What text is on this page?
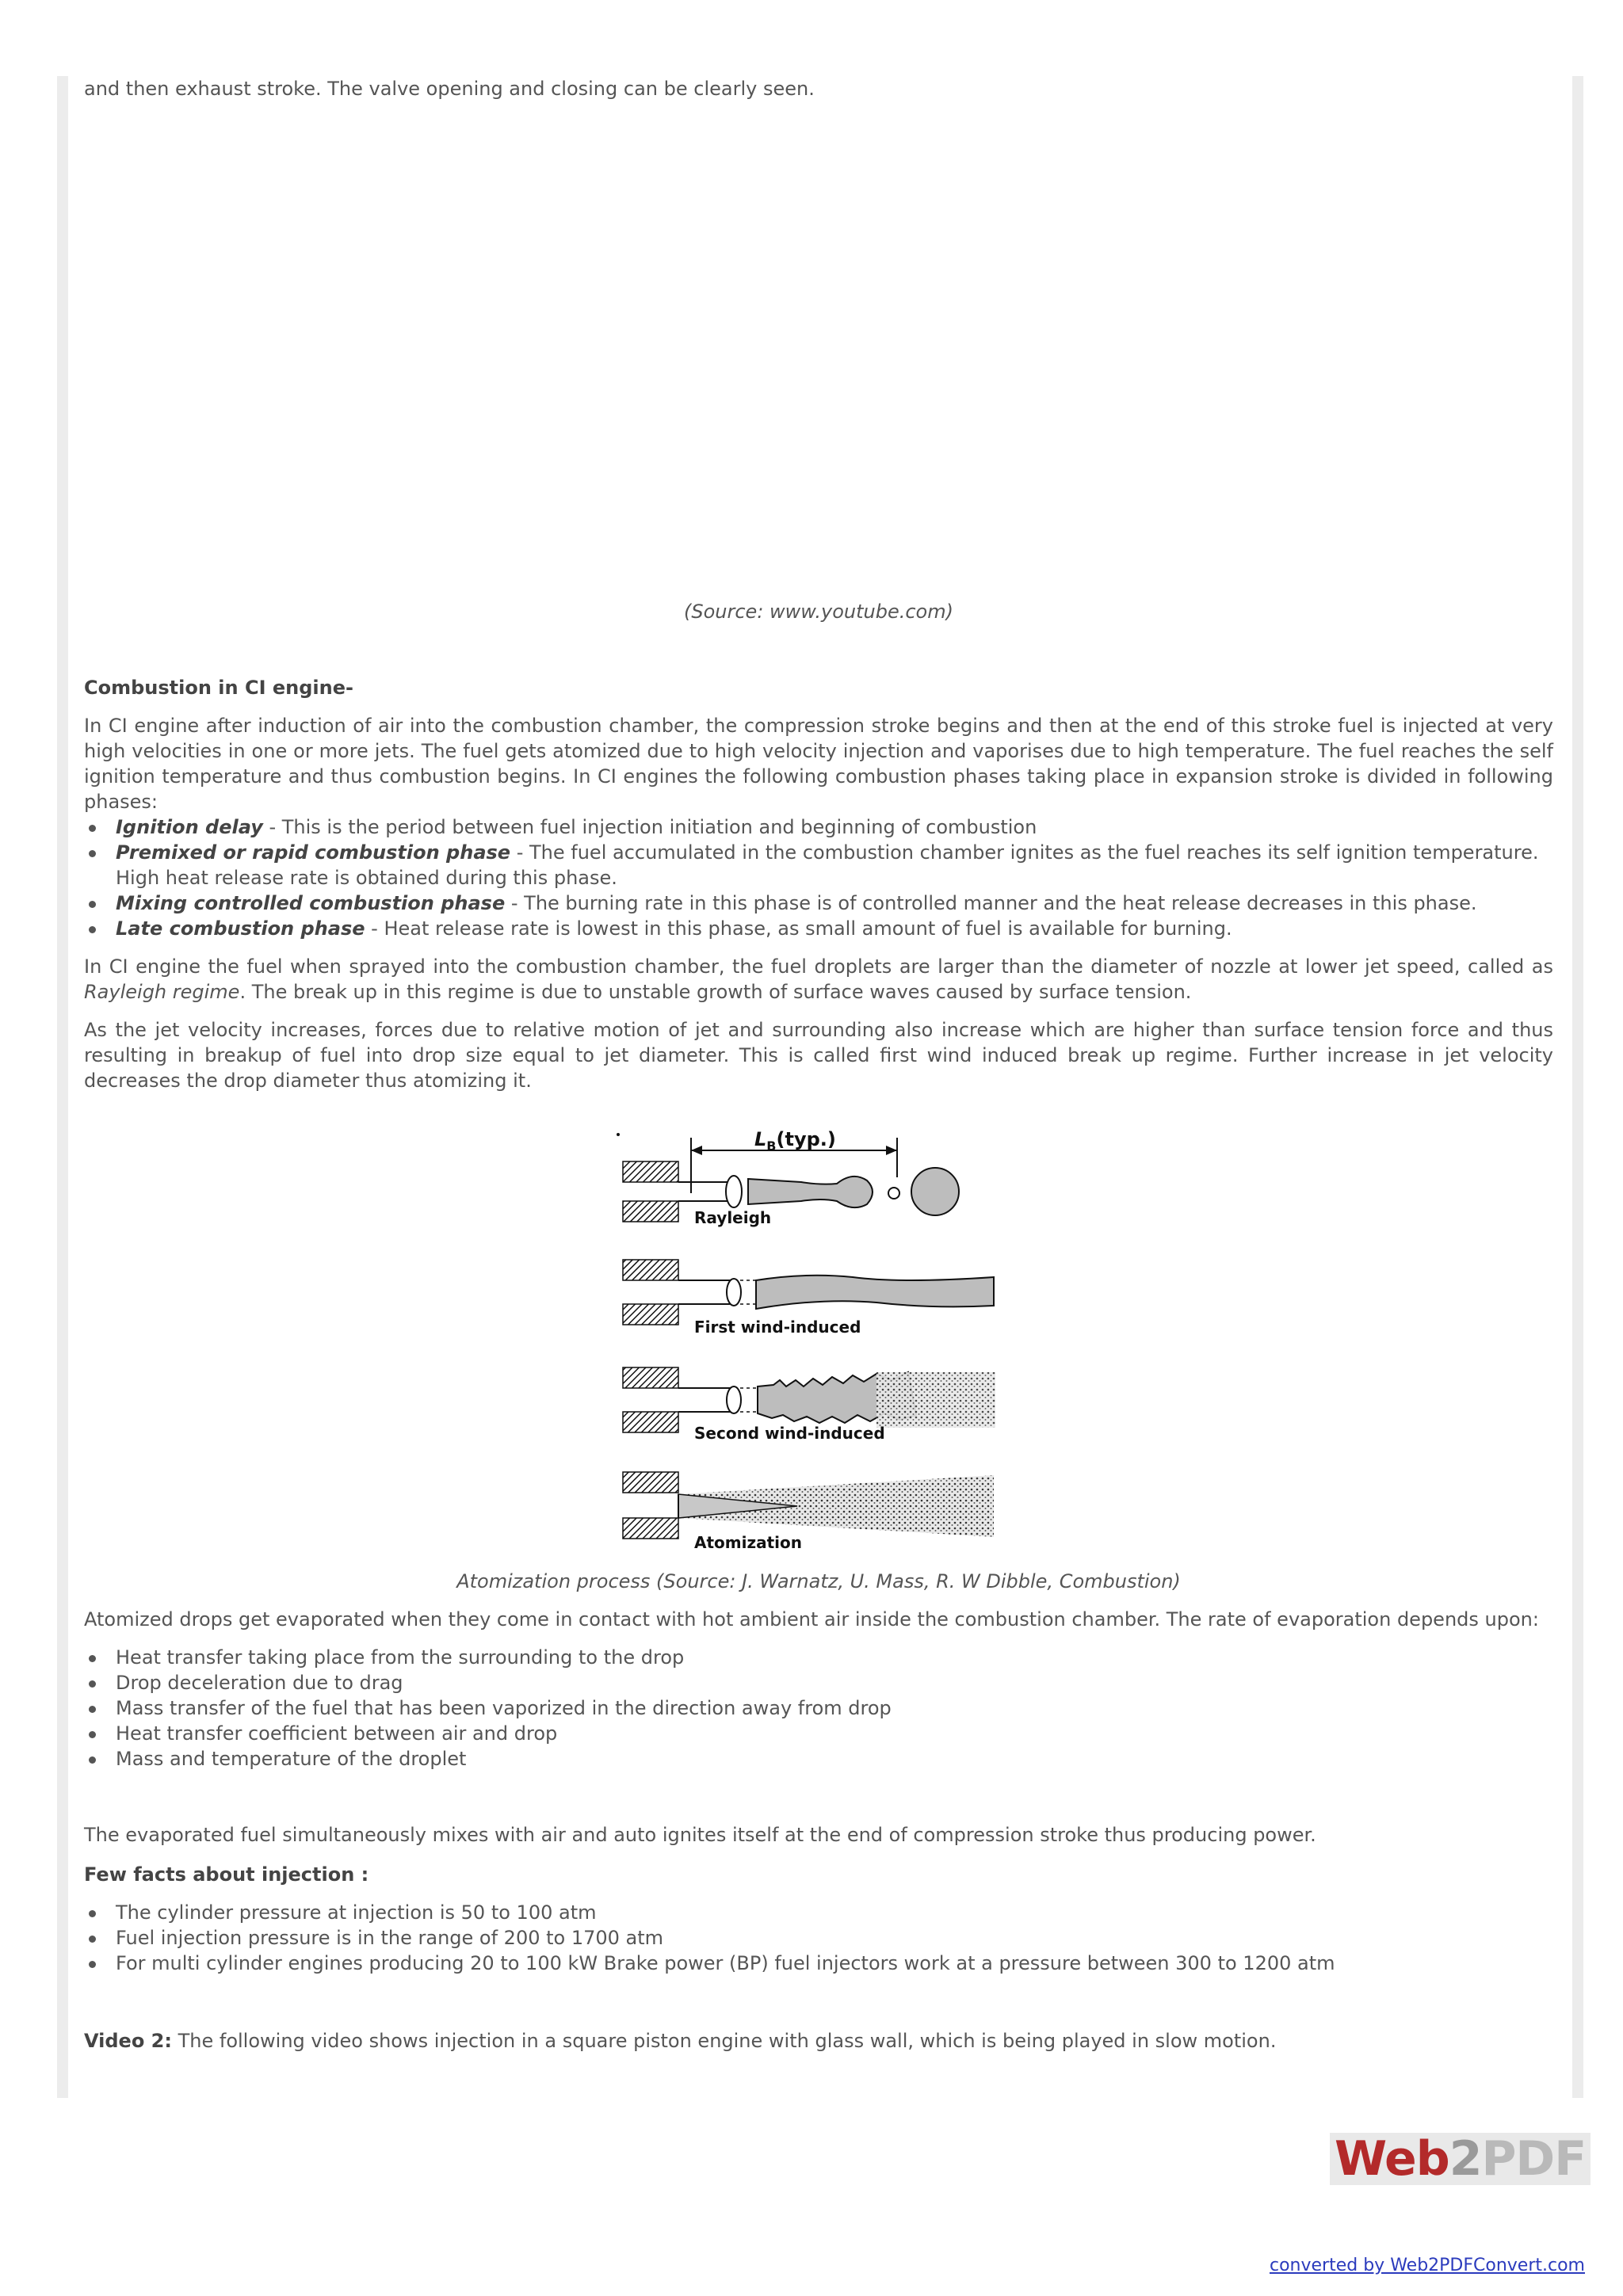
and then exhaust stroke. The valve opening and closing can be clearly seen.

(Source: www.youtube.com)
Combustion in CI engine-

In CI engine after induction of air into the combustion chamber, the compression stroke begins and then at the end of this stroke fuel is injected at very high velocities in one or more jets. The fuel gets atomized due to high velocity injection and vaporises due to high temperature. The fuel reaches the self ignition temperature and thus combustion begins. In CI engines the following combustion phases taking place in expansion stroke is divided in following phases:

Ignition delay - This is the period between fuel injection initiation and beginning of combustion
Premixed or rapid combustion phase - The fuel accumulated in the combustion chamber ignites as the fuel reaches its self ignition temperature. High heat release rate is obtained during this phase.
Mixing controlled combustion phase - The burning rate in this phase is of controlled manner and the heat release decreases in this phase.
Late combustion phase - Heat release rate is lowest in this phase, as small amount of fuel is available for burning.

In CI engine the fuel when sprayed into the combustion chamber, the fuel droplets are larger than the diameter of nozzle at lower jet speed, called as Rayleigh regime. The break up in this regime is due to unstable growth of surface waves caused by surface tension.

As the jet velocity increases, forces due to relative motion of jet and surrounding also increase which are higher than surface tension force and thus resulting in breakup of fuel into drop size equal to jet diameter. This is called first wind induced break up regime. Further increase in jet velocity decreases the drop diameter thus atomizing it.

$L_B(typ.)$
Rayleigh
First wind-induced
Second wind-induced
Atomization
Atomization process (Source: J. Warnatz, U. Mass, R. W Dibble, Combustion)

Atomized drops get evaporated when they come in contact with hot ambient air inside the combustion chamber. The rate of evaporation depends upon:

Heat transfer taking place from the surrounding to the drop
Drop deceleration due to drag
Mass transfer of the fuel that has been vaporized in the direction away from drop
Heat transfer coefficient between air and drop
Mass and temperature of the droplet

The evaporated fuel simultaneously mixes with air and auto ignites itself at the end of compression stroke thus producing power.

Few facts about injection :
The cylinder pressure at injection is 50 to 100 atm
Fuel injection pressure is in the range of 200 to 1700 atm
For multi cylinder engines producing 20 to 100 kW Brake power (BP) fuel injectors work at a pressure between 300 to 1200 atm

Video 2: The following video shows injection in a square piston engine with glass wall, which is being played in slow motion.

Web2PDF
converted by Web2PDFConvert.com
